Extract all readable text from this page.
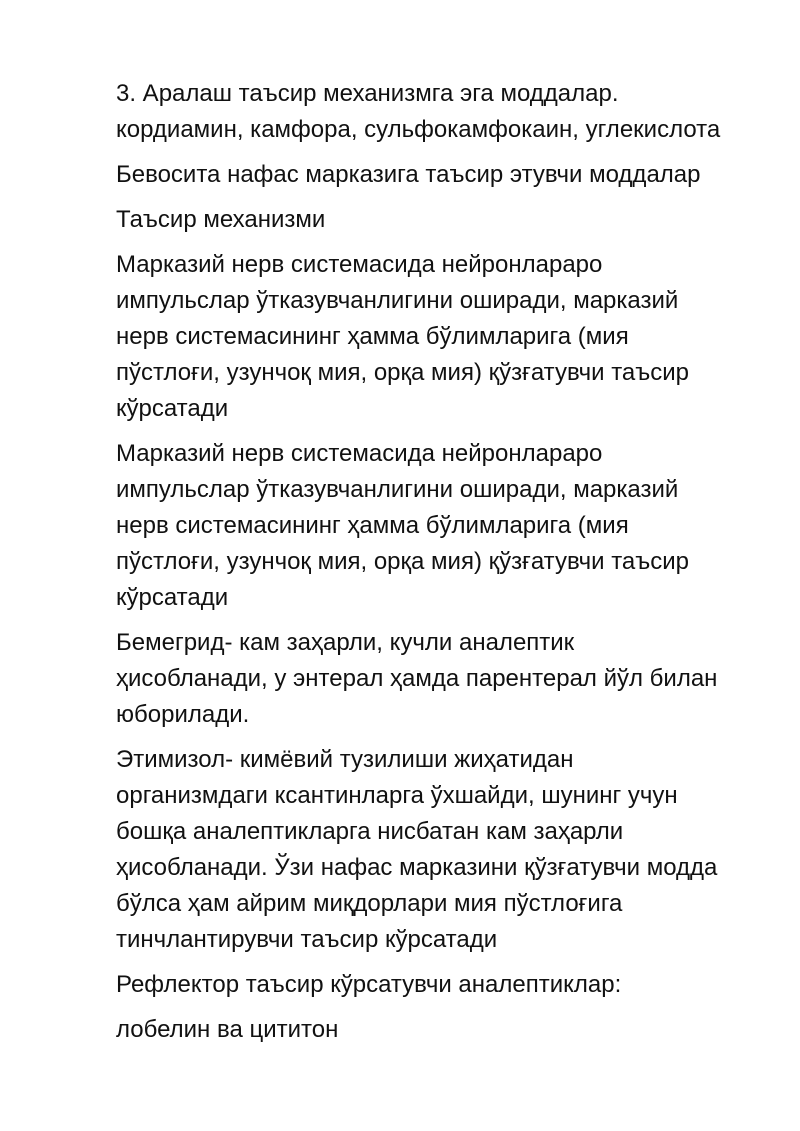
3. Аралаш таъсир механизмга эга моддалар.
кордиамин, камфора, сульфокамфокаин, углекислота

Бевосита нафас марказига таъсир этувчи моддалар

Таъсир механизми

Марказий нерв системасида нейронлараро
импульслар ўтказувчанлигини оширади, марказий
нерв системасининг ҳамма бўлимларига (мия
пўстлоғи, узунчоқ мия, орқа мия) қўзғатувчи таъсир
кўрсатади

Марказий нерв системасида нейронлараро
импульслар ўтказувчанлигини оширади, марказий
нерв системасининг ҳамма бўлимларига (мия
пўстлоғи, узунчоқ мия, орқа мия) қўзғатувчи таъсир
кўрсатади

Бемегрид- кам заҳарли, кучли аналептик
ҳисобланади, у энтерал ҳамда парентерал йўл билан
юборилади.

Этимизол- кимёвий тузилиши жиҳатидан
организмдаги ксантинларга ўхшайди, шунинг учун
бошқа аналептикларга нисбатан кам заҳарли
ҳисобланади. Ўзи нафас марказини қўзғатувчи модда
бўлса ҳам айрим миқдорлари мия пўстлоғига
тинчлантирувчи таъсир кўрсатади

Рефлектор таъсир кўрсатувчи аналептиклар:

лобелин ва цититон
